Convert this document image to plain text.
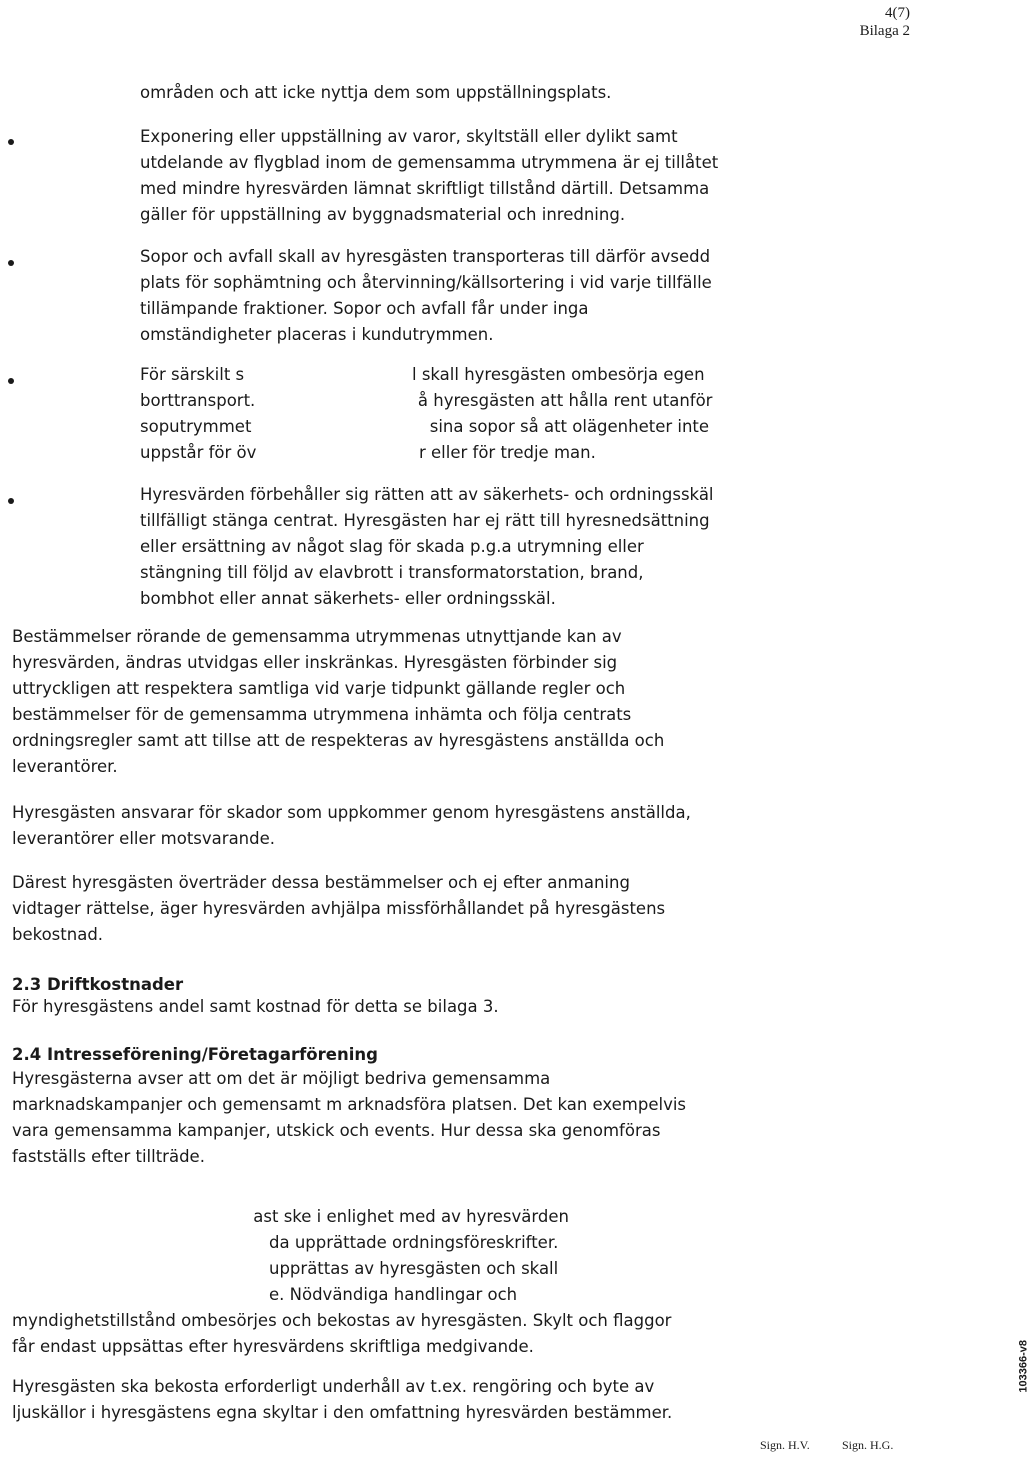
4(7)
Bilaga 2
områden och att icke nyttja dem som uppställningsplats.
Exponering eller uppställning av varor, skyltställ eller dylikt samt
utdelande av flygblad inom de gemensamma utrymmena är ej tillåtet
med mindre hyresvärden lämnat skriftligt tillstånd därtill. Detsamma
gäller för uppställning av byggnadsmaterial och inredning.
Sopor och avfall skall av hyresgästen transporteras till därför avsedd
plats för sophämtning och återvinning/källsortering i vid varje tillfälle
tillämpande fraktioner. Sopor och avfall får under inga
omständigheter placeras i kundutrymmen.
För särskilt s                                l skall hyresgästen ombesörja egen
borttransport.                               å hyresgästen att hålla rent utanför
soputrymmet                                  sina sopor så att olägenheter inte
uppstår för öv                               r eller för tredje man.
Hyresvärden förbehåller sig rätten att av säkerhets- och ordningsskäl
tillfälligt stänga centrat. Hyresgästen har ej rätt till hyresnedsättning
eller ersättning av något slag för skada p.g.a utrymning eller
stängning till följd av elavbrott i transformatorstation, brand,
bombhot eller annat säkerhets- eller ordningsskäl.
Bestämmelser rörande de gemensamma utrymmenas utnyttjande kan av
hyresvärden, ändras utvidgas eller inskränkas. Hyresgästen förbinder sig
uttryckligen att respektera samtliga vid varje tidpunkt gällande regler och
bestämmelser för de gemensamma utrymmena inhämta och följa centrats
ordningsregler samt att tillse att de respekteras av hyresgästens anställda och
leverantörer.
Hyresgästen ansvarar för skador som uppkommer genom hyresgästens anställda,
leverantörer eller motsvarande.
Därest hyresgästen överträder dessa bestämmelser och ej efter anmaning
vidtager rättelse, äger hyresvärden avhjälpa missförhållandet på hyresgästens
bekostnad.
2.3 Driftkostnader
För hyresgästens andel samt kostnad för detta se bilaga 3.
2.4 Intresseförening/Företagarförening
Hyresgästerna avser att om det är möjligt bedriva gemensamma
marknadskampanjer och gemensamt m arknadsföra platsen. Det kan exempelvis
vara gemensamma kampanjer, utskick och events. Hur dessa ska genomföras
fastställs efter tillträde.
ast ske i enlighet med av hyresvärden
da upprättade ordningsföreskrifter.
upprättas av hyresgästen och skall
e. Nödvändiga handlingar och
myndighetstillstånd ombesörjes och bekostas av hyresgästen. Skylt och flaggor
får endast uppsättas efter hyresvärdens skriftliga medgivande.
Hyresgästen ska bekosta erforderligt underhåll av t.ex. rengöring och byte av
ljuskällor i hyresgästens egna skyltar i den omfattning hyresvärden bestämmer.
Sign. H.V.	Sign. H.G.
103366-v8
